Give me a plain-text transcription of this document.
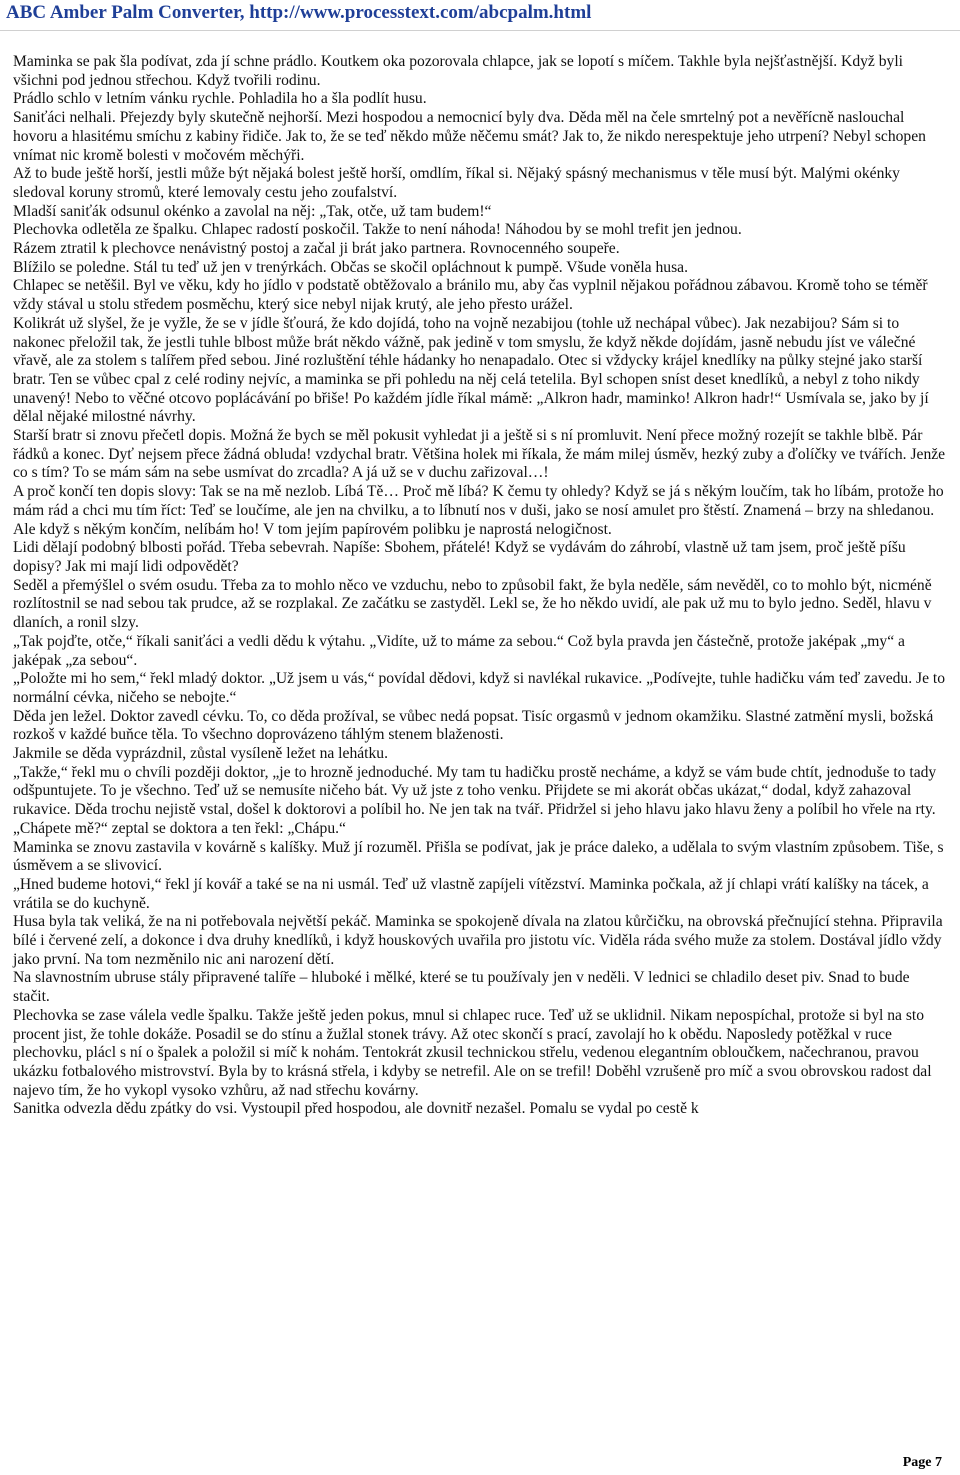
ABC Amber Palm Converter, http://www.processtext.com/abcpalm.html

Maminka se pak šla podívat, zda jí schne prádlo. Koutkem oka pozorovala chlapce, jak se lopotí s míčem. Takhle byla nejšťastnější. Když byli všichni pod jednou střechou. Když tvořili rodinu.

Prádlo schlo v letním vánku rychle. Pohladila ho a šla podlít husu.

Saniťáci nelhali. Přejezdy byly skutečně nejhorší. Mezi hospodou a nemocnicí byly dva. Děda měl na čele smrtelný pot a nevěřícně naslouchal hovoru a hlasitému smíchu z kabiny řidiče. Jak to, že se teď někdo může něčemu smát? Jak to, že nikdo nerespektuje jeho utrpení? Nebyl schopen vnímat nic kromě bolesti v močovém měchýři.

Až to bude ještě horší, jestli může být nějaká bolest ještě horší, omdlím, říkal si. Nějaký spásný mechanismus v těle musí být. Malými okénky sledoval koruny stromů, které lemovaly cestu jeho zoufalství.

Mladší saniťák odsunul okénko a zavolal na něj: „Tak, otče, už tam budem!“

Plechovka odletěla ze špalku. Chlapec radostí poskočil. Takže to není náhoda! Náhodou by se mohl trefit jen jednou.

Rázem ztratil k plechovce nenávistný postoj a začal ji brát jako partnera. Rovnocenného soupeře.

Blížilo se poledne. Stál tu teď už jen v trenýrkách. Občas se skočil opláchnout k pumpě. Všude voněla husa.

Chlapec se netěšil. Byl ve věku, kdy ho jídlo v podstatě obtěžovalo a bránilo mu, aby čas vyplnil nějakou pořádnou zábavou. Kromě toho se téměř vždy stával u stolu středem posměchu, který sice nebyl nijak krutý, ale jeho přesto urážel.

Kolikrát už slyšel, že je vyžle, že se v jídle šťourá, že kdo dojídá, toho na vojně nezabijou (tohle už nechápal vůbec). Jak nezabijou? Sám si to nakonec přeložil tak, že jestli tuhle blbost může brát někdo vážně, pak jedině v tom smyslu, že když někde dojídám, jasně nebudu jíst ve válečné vřavě, ale za stolem s talířem před sebou. Jiné rozluštění téhle hádanky ho nenapadalo. Otec si vždycky krájel knedlíky na půlky stejné jako starší bratr. Ten se vůbec cpal z celé rodiny nejvíc, a maminka se při pohledu na něj celá tetelila. Byl schopen sníst deset knedlíků, a nebyl z toho nikdy unavený! Nebo to věčné otcovo poplácávání po břiše! Po každém jídle říkal mámě: „Alkron hadr, maminko! Alkron hadr!“ Usmívala se, jako by jí dělal nějaké milostné návrhy.

Starší bratr si znovu přečetl dopis. Možná že bych se měl pokusit vyhledat ji a ještě si s ní promluvit. Není přece možný rozejít se takhle blbě. Pár řádků a konec. Dyť nejsem přece žádná obluda! vzdychal bratr. Většina holek mi říkala, že mám milej úsměv, hezký zuby a ďolíčky ve tvářích. Jenže co s tím? To se mám sám na sebe usmívat do zrcadla? A já už se v duchu zařizoval…!

A proč končí ten dopis slovy: Tak se na mě nezlob. Líbá Tě… Proč mě líbá? K čemu ty ohledy? Když se já s někým loučím, tak ho líbám, protože ho mám rád a chci mu tím říct: Teď se loučíme, ale jen na chvilku, a to líbnutí nos v duši, jako se nosí amulet pro štěstí. Znamená – brzy na shledanou. Ale když s někým končím, nelíbám ho! V tom jejím papírovém polibku je naprostá nelogičnost.

Lidi dělají podobný blbosti pořád. Třeba sebevrah. Napíše: Sbohem, přátelé! Když se vydávám do záhrobí, vlastně už tam jsem, proč ještě píšu dopisy? Jak mi mají lidi odpovědět?

Seděl a přemýšlel o svém osudu. Třeba za to mohlo něco ve vzduchu, nebo to způsobil fakt, že byla neděle, sám nevěděl, co to mohlo být, nicméně rozlítostnil se nad sebou tak prudce, až se rozplakal. Ze začátku se zastyděl. Lekl se, že ho někdo uvidí, ale pak už mu to bylo jedno. Seděl, hlavu v dlaních, a ronil slzy.

„Tak pojďte, otče,“ říkali saniťáci a vedli dědu k výtahu. „Vidíte, už to máme za sebou.“ Což byla pravda jen částečně, protože jaképak „my“ a jaképak „za sebou“.

„Položte mi ho sem,“ řekl mladý doktor. „Už jsem u vás,“ povídal dědovi, když si navlékal rukavice. „Podívejte, tuhle hadičku vám teď zavedu. Je to normální cévka, ničeho se nebojte.“

Děda jen ležel. Doktor zavedl cévku. To, co děda prožíval, se vůbec nedá popsat. Tisíc orgasmů v jednom okamžiku. Slastné zatmění mysli, božská rozkoš v každé buňce těla. To všechno doprovázeno táhlým stenem blaženosti.

Jakmile se děda vyprázdnil, zůstal vysíleně ležet na lehátku.

„Takže,“ řekl mu o chvíli později doktor, „je to hrozně jednoduché. My tam tu hadičku prostě necháme, a když se vám bude chtít, jednoduše to tady odšpuntujete. To je všechno. Teď už se nemusíte ničeho bát. Vy už jste z toho venku. Přijdete se mi akorát občas ukázat,“ dodal, když zahazoval rukavice. Děda trochu nejistě vstal, došel k doktorovi a políbil ho. Ne jen tak na tvář. Přidržel si jeho hlavu jako hlavu ženy a políbil ho vřele na rty.

„Chápete mě?“ zeptal se doktora a ten řekl: „Chápu.“

Maminka se znovu zastavila v kovárně s kalíšky. Muž jí rozuměl. Přišla se podívat, jak je práce daleko, a udělala to svým vlastním způsobem. Tiše, s úsměvem a se slivovicí.

„Hned budeme hotovi,“ řekl jí kovář a také se na ni usmál. Teď už vlastně zapíjeli vítězství. Maminka počkala, až jí chlapi vrátí kalíšky na tácek, a vrátila se do kuchyně.

Husa byla tak veliká, že na ni potřebovala největší pekáč. Maminka se spokojeně dívala na zlatou kůrčičku, na obrovská přečnující stehna. Připravila bílé i červené zelí, a dokonce i dva druhy knedlíků, i když houskových uvařila pro jistotu víc. Viděla ráda svého muže za stolem. Dostával jídlo vždy jako první. Na tom nezměnilo nic ani narození dětí.

Na slavnostním ubruse stály připravené talíře – hluboké i mělké, které se tu používaly jen v neděli. V lednici se chladilo deset piv. Snad to bude stačit.

Plechovka se zase válela vedle špalku. Takže ještě jeden pokus, mnul si chlapec ruce. Teď už se uklidnil. Nikam nepospíchal, protože si byl na sto procent jist, že tohle dokáže. Posadil se do stínu a žužlal stonek trávy. Až otec skončí s prací, zavolají ho k obědu. Naposledy potěžkal v ruce plechovku, plácl s ní o špalek a položil si míč k nohám. Tentokrát zkusil technickou střelu, vedenou elegantním obloučkem, načechranou, pravou ukázku fotbalového mistrovství. Byla by to krásná střela, i kdyby se netrefil. Ale on se trefil! Doběhl vzrušeně pro míč a svou obrovskou radost dal najevo tím, že ho vykopl vysoko vzhůru, až nad střechu kovárny.

Sanitka odvezla dědu zpátky do vsi. Vystoupil před hospodou, ale dovnitř nezašel. Pomalu se vydal po cestě k

Page 7
